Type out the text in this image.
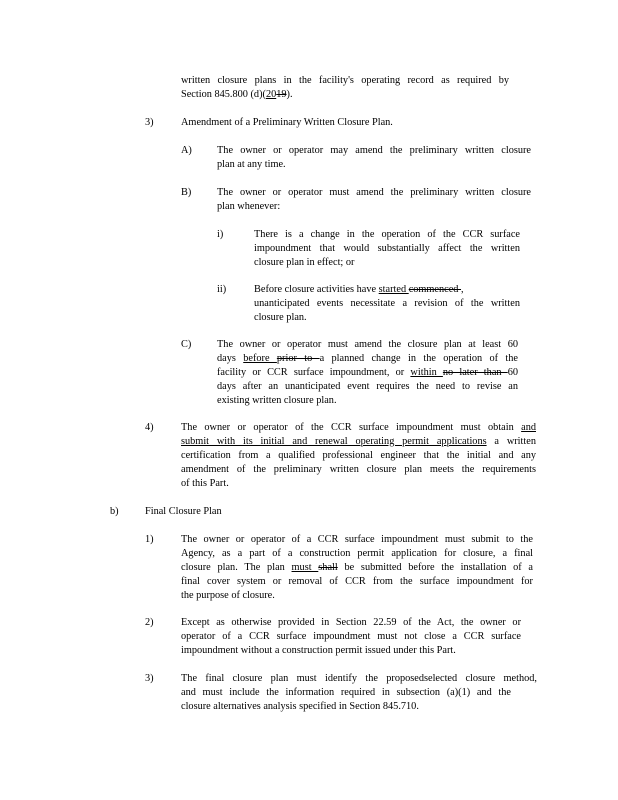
written closure plans in the facility's operating record as required by

Section 845.800 (d)(2019).

3)	Amendment of a Preliminary Written Closure Plan.
A) The owner or operator may amend the preliminary written closure

plan at any time.

B) The owner or operator must amend the preliminary written closure

plan whenever:

i)	There is a change in the operation of the CCR surface

impoundment that would substantially affect the written

closure plan in effect; or

ii)	Before closure activities have started commenced ,

unanticipated events necessitate a revision of the written

closure plan.

C) The owner or operator must amend the closure plan at least 60

days before prior to a planned change in the operation of the

facility or CCR surface impoundment, or within no later than 60

days after an unanticipated event requires the need to revise an

existing written closure plan.

4)	The owner or operator of the CCR surface impoundment must obtain and

submit with its initial and renewal operating permit applications a written

certification from a qualified professional engineer that the initial and any

amendment of the preliminary written closure plan meets the requirements

of this Part.

b)	Final Closure Plan
1)	The owner or operator of a CCR surface impoundment must submit to the

Agency, as a part of a construction permit application for closure, a final

closure plan. The plan must shall be submitted before the installation of a

final cover system or removal of CCR from the surface impoundment for

the purpose of closure.

2)	Except as otherwise provided in Section 22.59 of the Act, the owner or

operator of a CCR surface impoundment must not close a CCR surface

impoundment without a construction permit issued under this Part.

3)	The final closure plan must identify the proposedselected closure method,

and must include the information required in subsection (a)(1) and the

closure alternatives analysis specified in Section 845.710.
